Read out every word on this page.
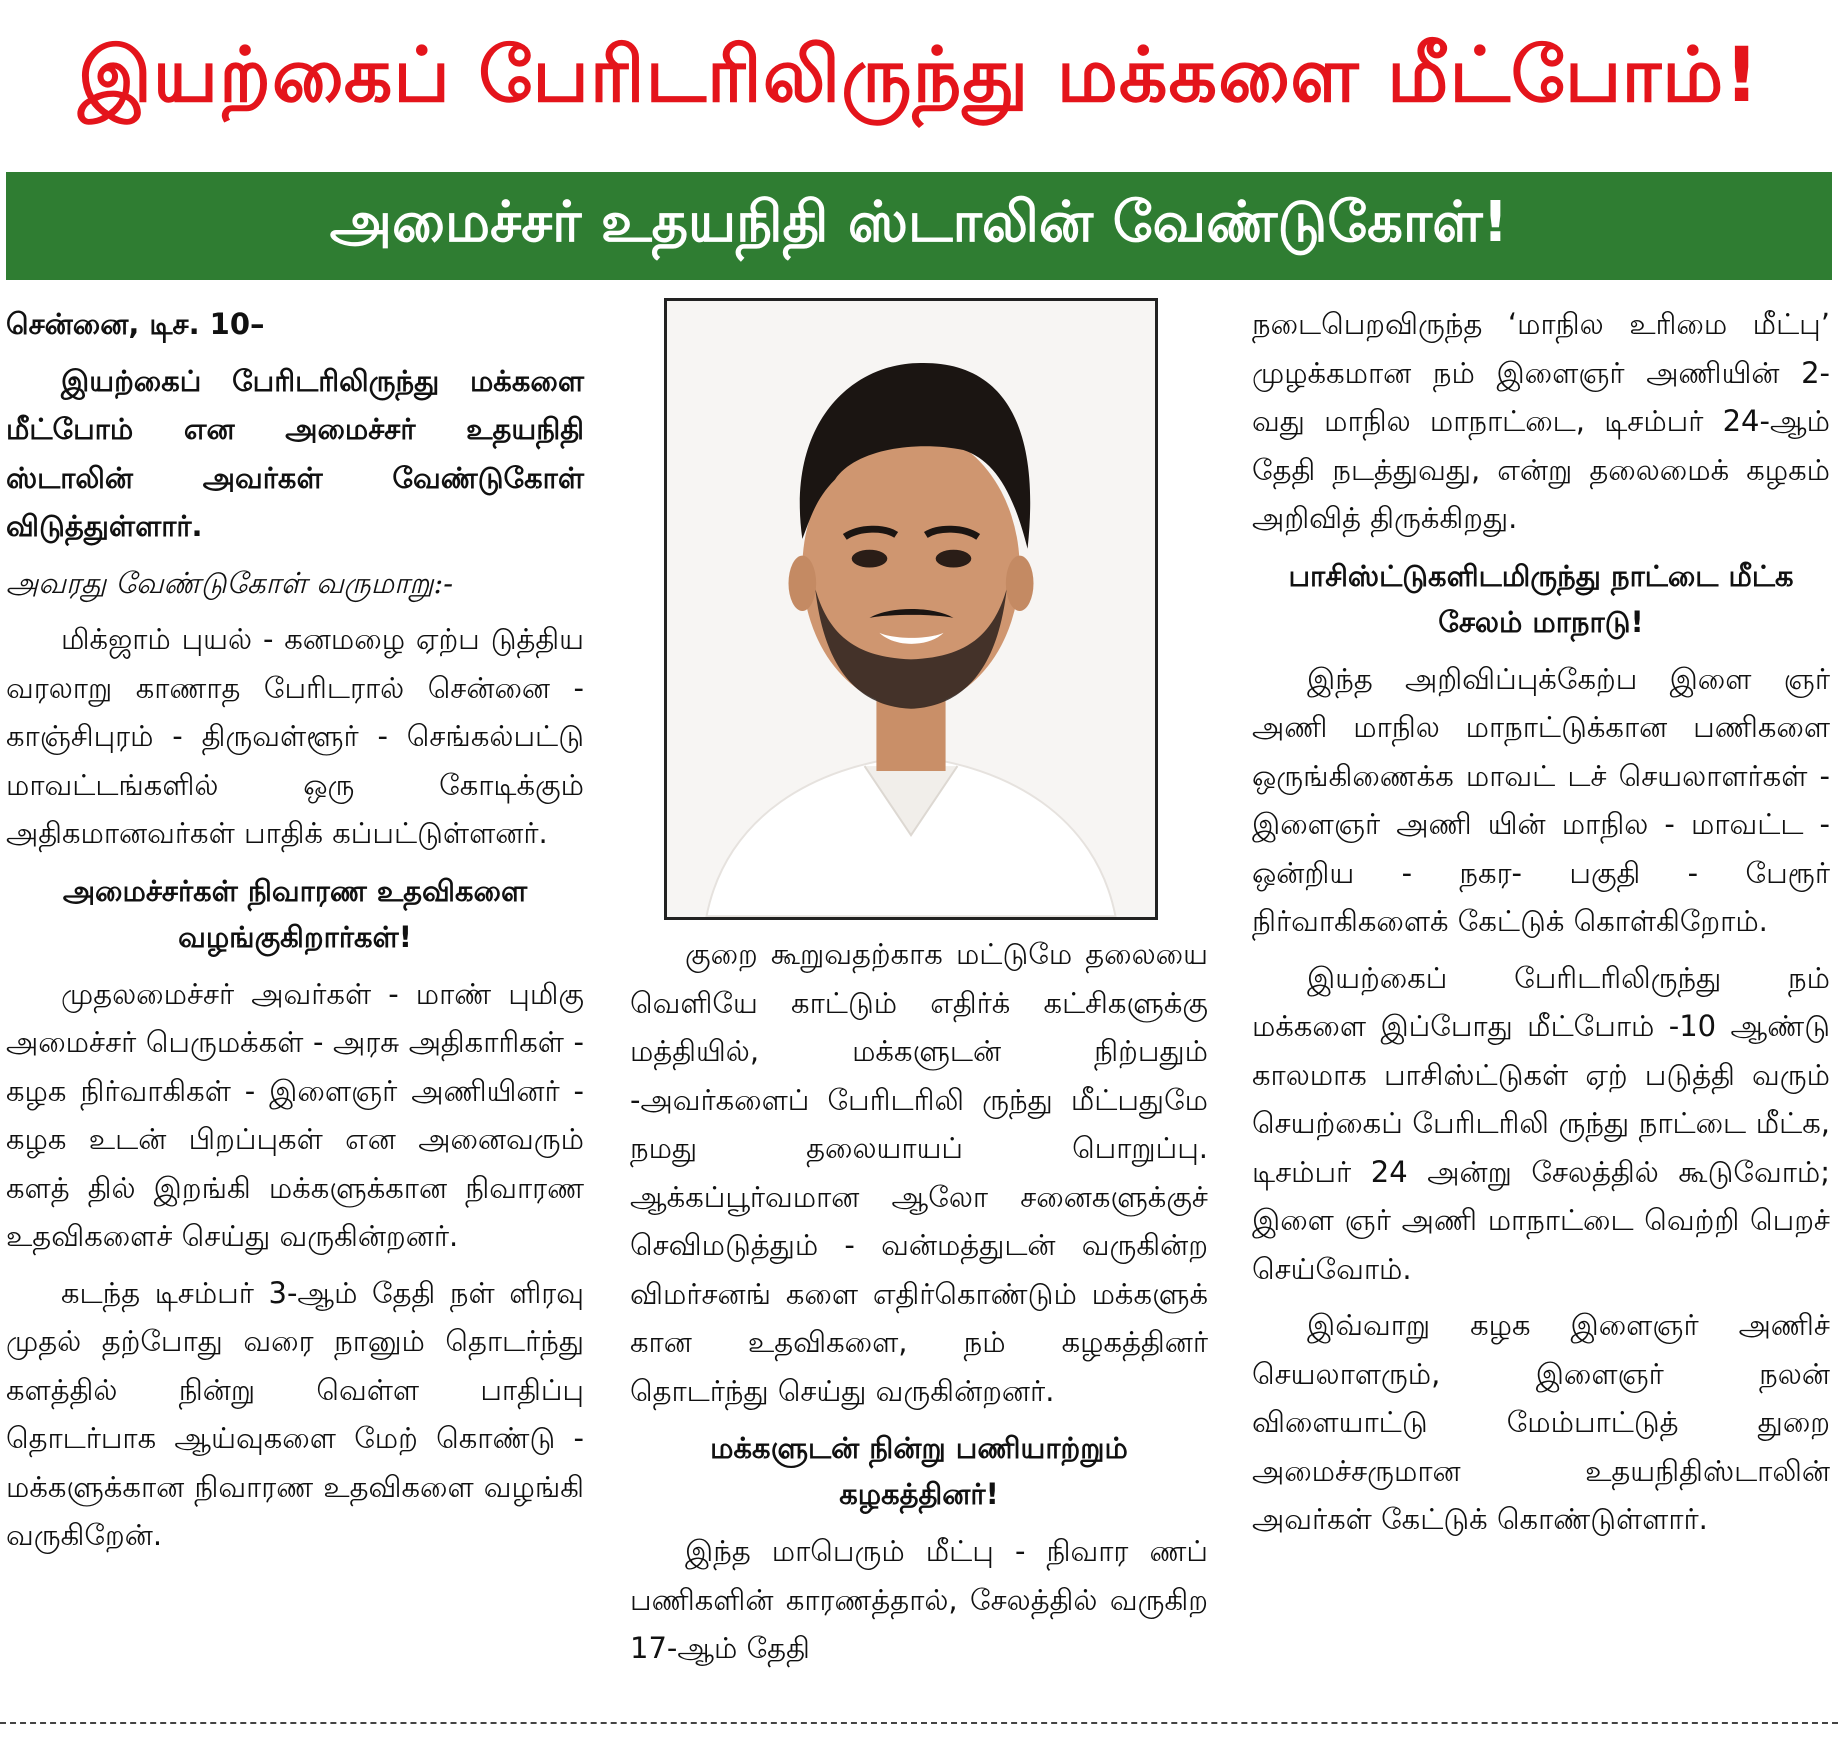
இயற்கைப் பேரிடரிலிருந்து மக்களை மீட்போம்!
அமைச்சர் உதயநிதி ஸ்டாலின் வேண்டுகோள்!

சென்னை, டிச. 10–

இயற்கைப் பேரிடரிலிருந்து மக்களை மீட்போம் என அமைச்சர் உதயநிதி ஸ்டாலின் அவர்கள் வேண்டுகோள் விடுத்துள்ளார்.

அவரது வேண்டுகோள் வருமாறு:-

மிக்ஜாம் புயல் - கனமழை ஏற்ப டுத்திய வரலாறு காணாத பேரிடரால் சென்னை - காஞ்சிபுரம் - திருவள்ளூர் - செங்கல்பட்டு மாவட்டங்களில் ஒரு கோடிக்கும் அதிகமானவர்கள் பாதிக் கப்பட்டுள்ளனர்.

அமைச்சர்கள் நிவாரண உதவிகளை வழங்குகிறார்கள்!

முதலமைச்சர் அவர்கள் - மாண் புமிகு அமைச்சர் பெருமக்கள் - அரசு அதிகாரிகள் - கழக நிர்வாகிகள் - இளைஞர் அணியினர் - கழக உடன் பிறப்புகள் என அனைவரும் களத் தில் இறங்கி மக்களுக்கான நிவாரண உதவிகளைச் செய்து வருகின்றனர்.

கடந்த டிசம்பர் 3-ஆம் தேதி நள் ளிரவு முதல் தற்போது வரை நானும் தொடர்ந்து களத்தில் நின்று வெள்ள பாதிப்பு தொடர்பாக ஆய்வுகளை மேற் கொண்டு - மக்களுக்கான நிவாரண உதவிகளை வழங்கி வருகிறேன்.

குறை கூறுவதற்காக மட்டுமே தலையை வெளியே காட்டும் எதிர்க் கட்சிகளுக்கு மத்தியில், மக்களுடன் நிற்பதும் -அவர்களைப் பேரிடரிலி ருந்து மீட்பதுமே நமது தலையாயப் பொறுப்பு. ஆக்கப்பூர்வமான ஆலோ சனைகளுக்குச் செவிமடுத்தும் - வன்மத்துடன் வருகின்ற விமர்சனங் களை எதிர்கொண்டும் மக்களுக் கான உதவிகளை, நம் கழகத்தினர் தொடர்ந்து செய்து வருகின்றனர்.

மக்களுடன் நின்று பணியாற்றும் கழகத்தினர்!

இந்த மாபெரும் மீட்பு - நிவார ணப் பணிகளின் காரணத்தால், சேலத்தில் வருகிற 17-ஆம் தேதி

நடைபெறவிருந்த ‘மாநில உரிமை மீட்பு’ முழக்கமான நம் இளைஞர் அணியின் 2-வது மாநில மாநாட்டை, டிசம்பர் 24-ஆம் தேதி நடத்துவது, என்று தலைமைக் கழகம் அறிவித் திருக்கிறது.

பாசிஸ்ட்டுகளிடமிருந்து நாட்டை மீட்க சேலம் மாநாடு!

இந்த அறிவிப்புக்கேற்ப இளை ஞர் அணி மாநில மாநாட்டுக்கான பணிகளை ஒருங்கிணைக்க மாவட் டச் செயலாளர்கள் - இளைஞர் அணி யின் மாநில - மாவட்ட - ஒன்றிய - நகர- பகுதி - பேரூர் நிர்வாகிகளைக் கேட்டுக் கொள்கிறோம்.

இயற்கைப் பேரிடரிலிருந்து நம் மக்களை இப்போது மீட்போம் -10 ஆண்டு காலமாக பாசிஸ்ட்டுகள் ஏற் படுத்தி வரும் செயற்கைப் பேரிடரிலி ருந்து நாட்டை மீட்க, டிசம்பர் 24 அன்று சேலத்தில் கூடுவோம்; இளை ஞர் அணி மாநாட்டை வெற்றி பெறச் செய்வோம்.

இவ்வாறு கழக இளைஞர் அணிச் செயலாளரும், இளைஞர் நலன் விளையாட்டு மேம்பாட்டுத் துறை அமைச்சருமான உதயநிதிஸ்டாலின் அவர்கள் கேட்டுக் கொண்டுள்ளார்.
